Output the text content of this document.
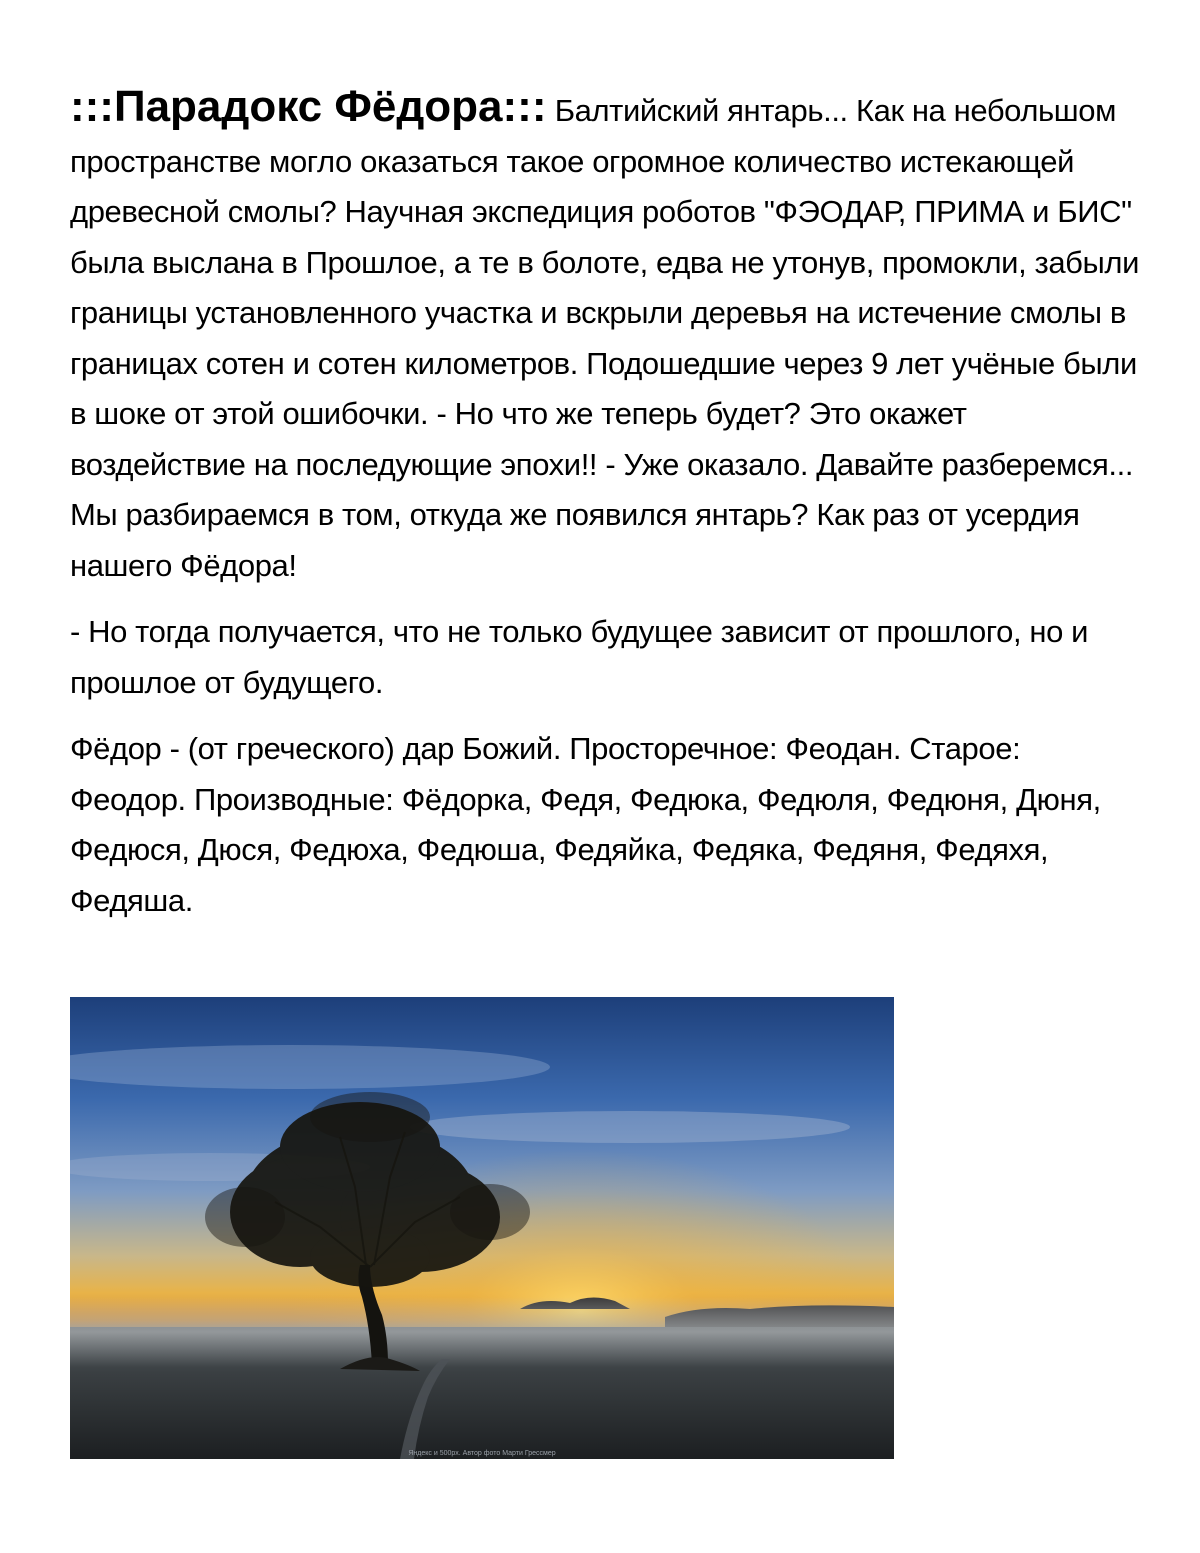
:::Парадокс Фёдора::: Балтийский янтарь... Как на небольшом пространстве могло оказаться такое огромное количество истекающей древесной смолы? Научная экспедиция роботов "ФЭОДАР, ПРИМА и БИС" была выслана в Прошлое, а те в болоте, едва не утонув, промокли, забыли границы установленного участка и вскрыли деревья на истечение смолы в границах сотен и сотен километров. Подошедшие через 9 лет учёные были в шоке от этой ошибочки. - Но что же теперь будет? Это окажет воздействие на последующие эпохи!! - Уже оказало. Давайте разберемся... Мы разбираемся в том, откуда же появился янтарь? Как раз от усердия нашего Фёдора!

- Но тогда получается, что не только будущее зависит от прошлого, но и прошлое от будущего.

Фёдор - (от греческого) дар Божий. Просторечное: Феодан. Старое: Феодор. Производные: Фёдорка, Федя, Федюка, Федюля, Федюня, Дюня, Федюся, Дюся, Федюха, Федюша, Федяйка, Федяка, Федяня, Федяхя, Федяша.

Яндекс и 500px. Автор фото Марти Грессмер
